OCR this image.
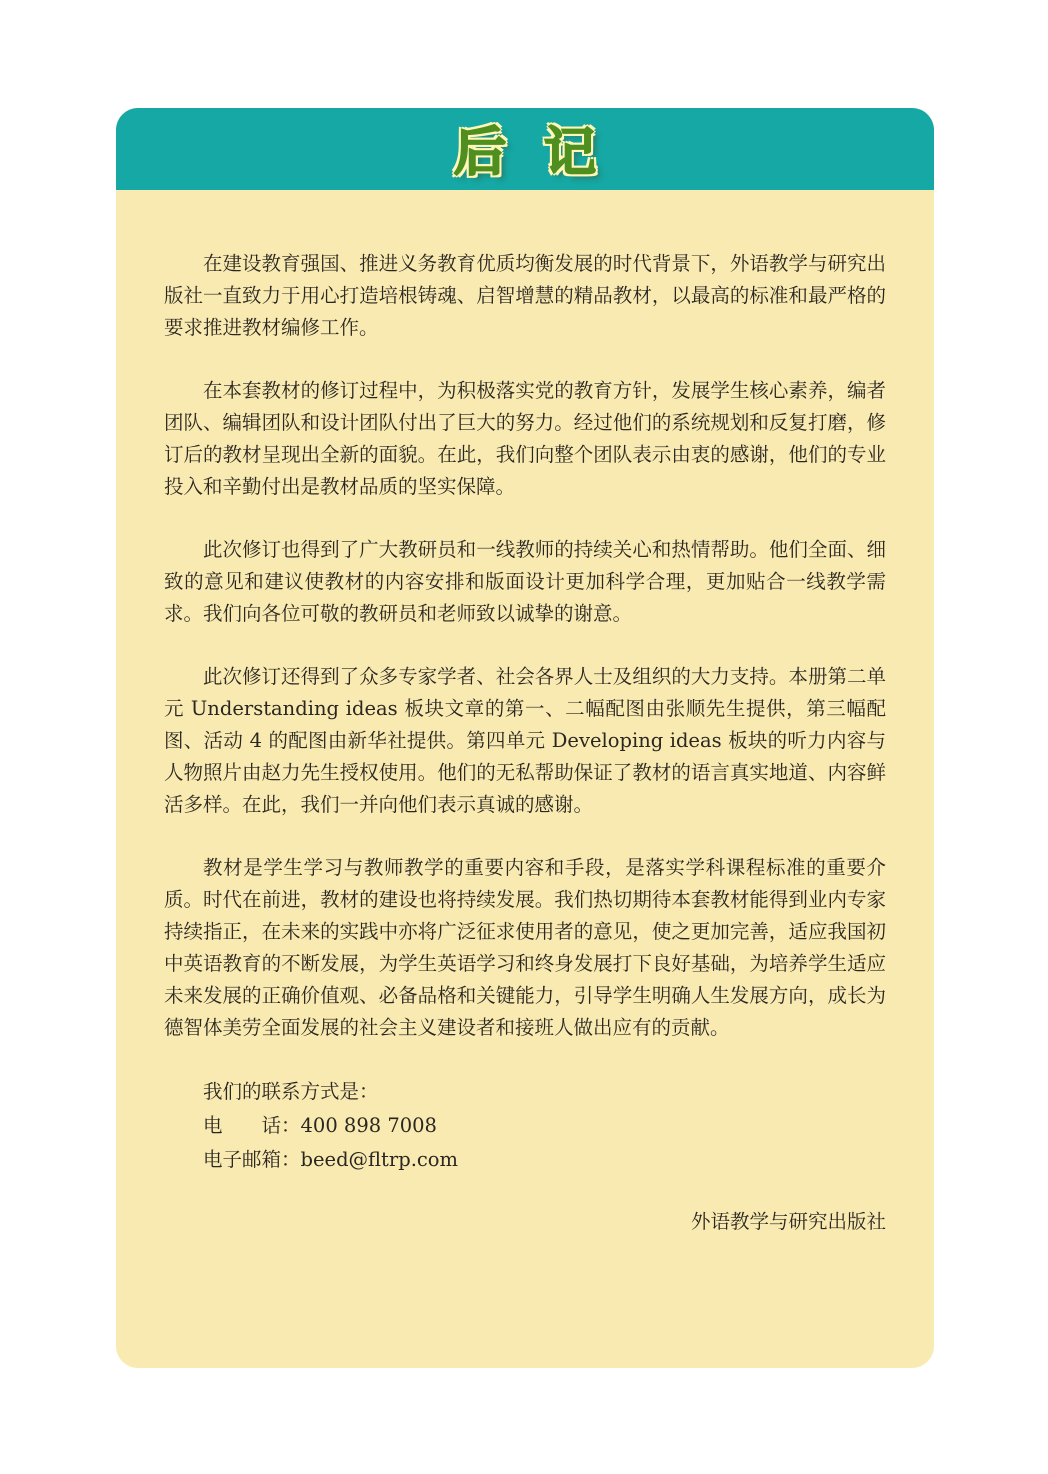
后 记

在建设教育强国、推进义务教育优质均衡发展的时代背景下，外语教学与研究出版社一直致力于用心打造培根铸魂、启智增慧的精品教材，以最高的标准和最严格的要求推进教材编修工作。

在本套教材的修订过程中，为积极落实党的教育方针，发展学生核心素养，编者团队、编辑团队和设计团队付出了巨大的努力。经过他们的系统规划和反复打磨，修订后的教材呈现出全新的面貌。在此，我们向整个团队表示由衷的感谢，他们的专业投入和辛勤付出是教材品质的坚实保障。

此次修订也得到了广大教研员和一线教师的持续关心和热情帮助。他们全面、细致的意见和建议使教材的内容安排和版面设计更加科学合理，更加贴合一线教学需求。我们向各位可敬的教研员和老师致以诚挚的谢意。

此次修订还得到了众多专家学者、社会各界人士及组织的大力支持。本册第二单元 Understanding ideas 板块文章的第一、二幅配图由张顺先生提供，第三幅配图、活动 4 的配图由新华社提供。第四单元 Developing ideas 板块的听力内容与人物照片由赵力先生授权使用。他们的无私帮助保证了教材的语言真实地道、内容鲜活多样。在此，我们一并向他们表示真诚的感谢。

教材是学生学习与教师教学的重要内容和手段，是落实学科课程标准的重要介质。时代在前进，教材的建设也将持续发展。我们热切期待本套教材能得到业内专家持续指正，在未来的实践中亦将广泛征求使用者的意见，使之更加完善，适应我国初中英语教育的不断发展，为学生英语学习和终身发展打下良好基础，为培养学生适应未来发展的正确价值观、必备品格和关键能力，引导学生明确人生发展方向，成长为德智体美劳全面发展的社会主义建设者和接班人做出应有的贡献。

我们的联系方式是：
电　　话：400 898 7008
电子邮箱：beed@fltrp.com
外语教学与研究出版社
